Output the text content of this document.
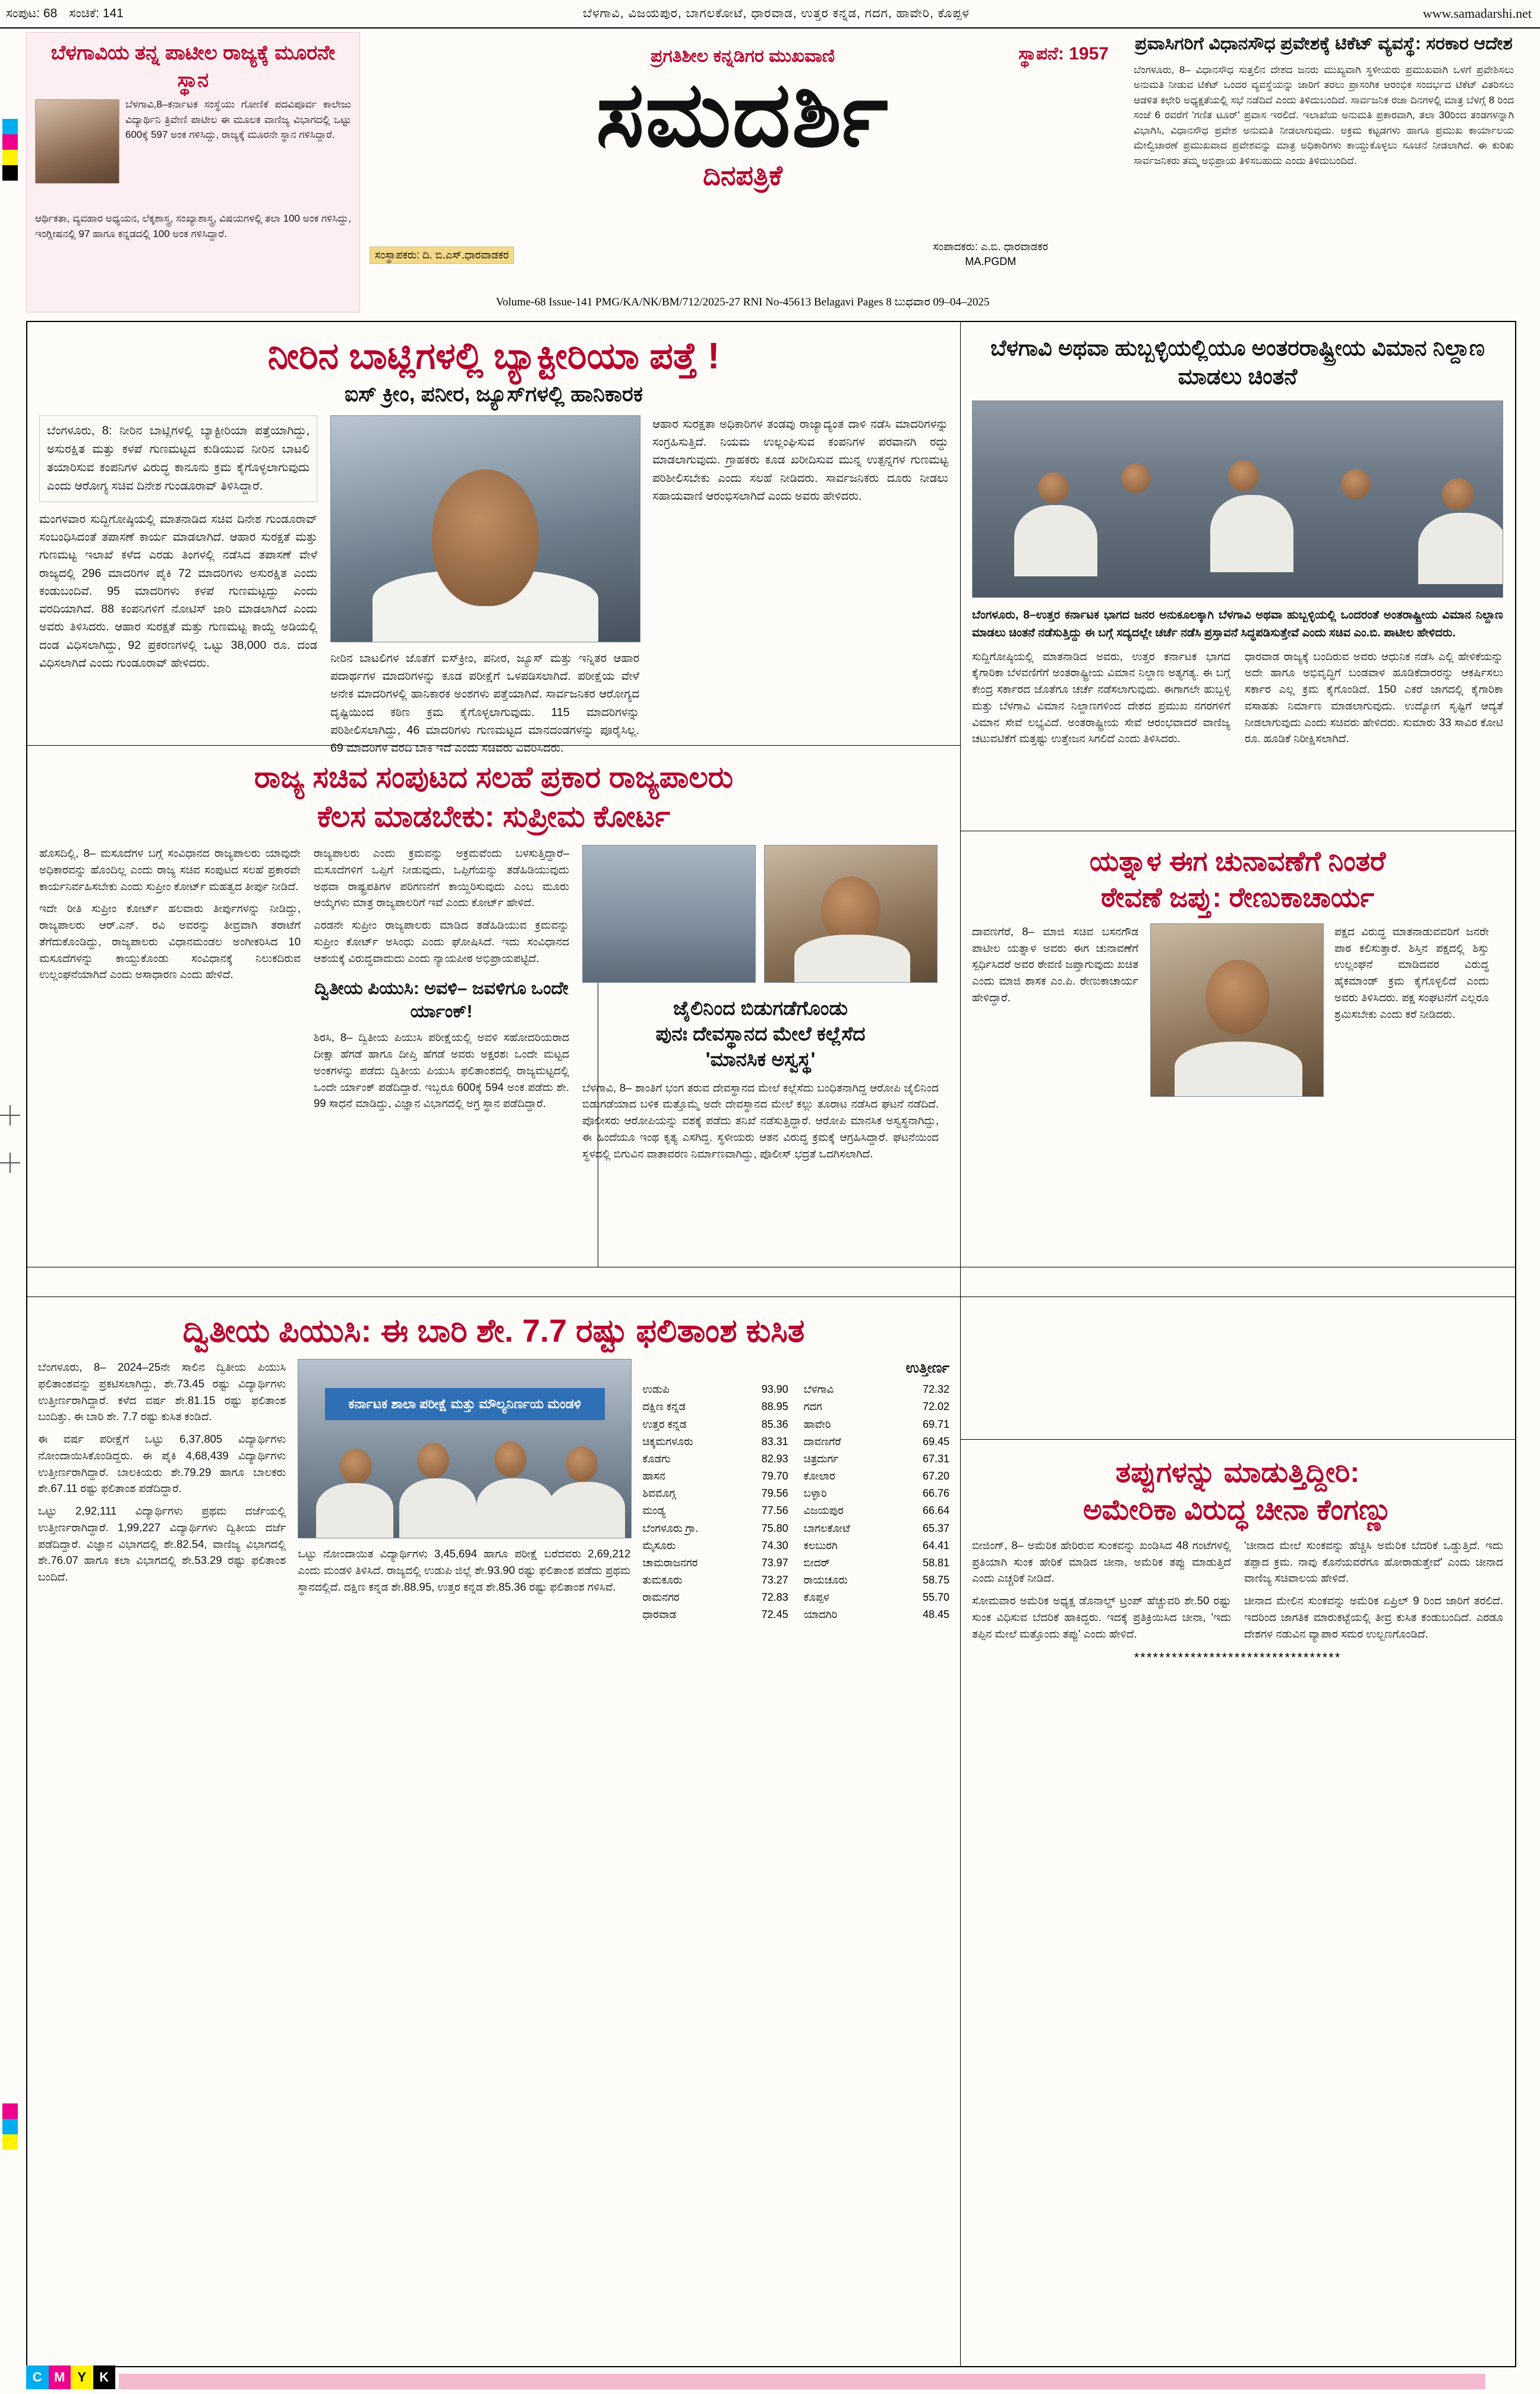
ಸಂಪುಟ: 68 ಸಂಚಿಕೆ: 141	ಬೆಳಗಾವಿ, ವಿಜಯಪುರ, ಬಾಗಲಕೋಟೆ, ಧಾರವಾಡ, ಉತ್ತರ ಕನ್ನಡ, ಗದಗ, ಹಾವೇರಿ, ಕೊಪ್ಪಳ	www.samadarshi.net
ಬೆಳಗಾವಿಯ ತನ್ನ ಪಾಟೀಲ ರಾಜ್ಯಕ್ಕೆ ಮೂರನೇ ಸ್ಥಾನ
ಬೆಳಗಾವಿ,8–ಕರ್ನಾಟಕ ಸಂಸ್ಥೆಯು ಗೋಣಿಕೆ ಪದವಿಪೂರ್ವ ಕಾಲೇಜು ವಿದ್ಯಾರ್ಥಿನಿ ತ್ರಿವೇಣಿ ಪಾಟೀಲ ಈ ಮೂಲಕ ವಾಣಿಜ್ಯ ವಿಭಾಗದಲ್ಲಿ ಒಟ್ಟು 600ಕ್ಕೆ 597 ಅಂಕ ಗಳಿಸಿದ್ದು, ರಾಜ್ಯಕ್ಕೆ ಮೂರನೇ ಸ್ಥಾನ ಗಳಿಸಿದ್ದಾರೆ.
ಆರ್ಥಿಕತಾ, ವ್ಯವಹಾರ ಅಧ್ಯಯನ, ಲೆಕ್ಕಶಾಸ್ತ್ರ, ಸಂಖ್ಯಾಶಾಸ್ತ್ರ, ವಿಷಯಗಳಲ್ಲಿ ತಲಾ 100 ಅಂಕ ಗಳಿಸಿದ್ದು, ಇಂಗ್ಲೀಷನಲ್ಲಿ 97 ಹಾಗೂ ಕನ್ನಡದಲ್ಲಿ 100 ಅಂಕ ಗಳಿಸಿದ್ದಾರೆ.
ಪ್ರಗತಿಶೀಲ ಕನ್ನಡಿಗರ ಮುಖವಾಣಿ	ಸ್ಥಾಪನೆ: 1957
ಸಮದರ್ಶಿ
ದಿನಪತ್ರಿಕೆ
ಸಂಸ್ಥಾಪಕರು: ದಿ. ಬಿ.ಎಸ್.ಧಾರವಾಡಕರ
ಸಂಪಾದಕರು: ಎ.ಬಿ. ಧಾರವಾಡಕರ
MA.PGDM
Volume-68 Issue-141 PMG/KA/NK/BM/712/2025-27 RNI No-45613 Belagavi Pages 8 ಬುಧವಾರ 09–04–2025
ಪ್ರವಾಸಿಗರಿಗೆ ವಿಧಾನಸೌಧ ಪ್ರವೇಶಕ್ಕೆ ಟಿಕೆಟ್ ವ್ಯವಸ್ಥೆ: ಸರಕಾರ ಆದೇಶ
ಬೆಂಗಳೂರು, 8– ವಿಧಾನಸೌಧ ಸುತ್ತಲಿನ ದೇಶದ ಜನರು ಮುಖ್ಯವಾಗಿ ಸ್ಥಳೀಯರು ಪ್ರಮುಖವಾಗಿ ಒಳಗೆ ಪ್ರವೇಶಿಸಲು ಅನುಮತಿ ನೀಡುವ ಟಿಕೆಟ್ ಒಂದರ ವ್ಯವಸ್ಥೆಯನ್ನು ಜಾರಿಗೆ ತರಲು ಪ್ರಾಸಂಗಿಕ ಆರಂಭಿಕ ಸಂದರ್ಭದ ಟಿಕೆಟ್ ವಿತರಿಸಲು ಆಡಳಿತ ಕಛೇರಿ ಅಧ್ಯಕ್ಷತೆಯಲ್ಲಿ ಸಭೆ ನಡೆದಿದೆ ಎಂದು ತಿಳಿದುಬಂದಿದೆ. ಸಾರ್ವಜನಿಕ ರಜಾ ದಿನಗಳಲ್ಲಿ ಮಾತ್ರ ಬೆಳಗ್ಗೆ 8 ರಿಂದ ಸಂಜೆ 6 ರವರೆಗೆ 'ಗಣಿತ ಟೂರ್' ಪ್ರವಾಸ ಇರಲಿದೆ. ಇಲಾಖೆಯ ಅನುಮತಿ ಪ್ರಕಾರವಾಗಿ, ತಲಾ 30ರಿಂದ ತಂಡಗಳನ್ನಾಗಿ ವಿಭಾಗಿಸಿ, ವಿಧಾನಸೌಧ ಪ್ರವೇಶ ಅನುಮತಿ ನೀಡಲಾಗುವುದು. ಅಕ್ರಮ ಕಟ್ಟಡಗಳು ಹಾಗೂ ಪ್ರಮುಖ ಕಾರ್ಯಾಲಯ ಮೇಲ್ವಿಚಾರಣೆ ಪ್ರಮುಖವಾದ ಪ್ರವೇಶವನ್ನು ಮಾತ್ರ ಅಧಿಕಾರಿಗಳು ಕಾಯ್ದುಕೊಳ್ಳಲು ಸೂಚನೆ ನೀಡಲಾಗಿದೆ. ಈ ಕುರಿತು ಸಾರ್ವಜನಿಕರು ತಮ್ಮ ಅಭಿಪ್ರಾಯ ತಿಳಿಸಬಹುದು ಎಂದು ತಿಳಿದುಬಂದಿದೆ.
ನೀರಿನ ಬಾಟ್ಲಿಗಳಲ್ಲಿ ಬ್ಯಾಕ್ಟೀರಿಯಾ ಪತ್ತೆ !
ಐಸ್ ಕ್ರೀಂ, ಪನೀರ, ಜ್ಯೂಸ್‌ಗಳಲ್ಲಿ ಹಾನಿಕಾರಕ
ಬೆಂಗಳೂರು, 8: ನೀರಿನ ಬಾಟ್ಲಿಗಳಲ್ಲಿ ಬ್ಯಾಕ್ಟೀರಿಯಾ ಪತ್ತೆಯಾಗಿದ್ದು, ಅಸುರಕ್ಷಿತ ಮತ್ತು ಕಳಪೆ ಗುಣಮಟ್ಟದ ಕುಡಿಯುವ ನೀರಿನ ಬಾಟಲಿ ತಯಾರಿಸುವ ಕಂಪನಿಗಳ ವಿರುದ್ಧ ಕಾನೂನು ಕ್ರಮ ಕೈಗೊಳ್ಳಲಾಗುವುದು ಎಂದು ಆರೋಗ್ಯ ಸಚಿವ ದಿನೇಶ ಗುಂಡೂರಾವ್ ತಿಳಿಸಿದ್ದಾರೆ.
ಮಂಗಳವಾರ ಸುದ್ದಿಗೋಷ್ಠಿಯಲ್ಲಿ ಮಾತನಾಡಿದ ಸಚಿವ ದಿನೇಶ ಗುಂಡೂರಾವ್ ಸಂಬಂಧಿಸಿದಂತೆ ತಪಾಸಣೆ ಕಾರ್ಯ ಮಾಡಲಾಗಿದೆ. ಆಹಾರ ಸುರಕ್ಷತೆ ಮತ್ತು ಗುಣಮಟ್ಟ ಇಲಾಖೆ ಕಳೆದ ಎರಡು ತಿಂಗಳಲ್ಲಿ ನಡೆಸಿದ ತಪಾಸಣೆ ವೇಳೆ ರಾಜ್ಯದಲ್ಲಿ 296 ಮಾದರಿಗಳ ಪೈಕಿ 72 ಮಾದರಿಗಳು ಅಸುರಕ್ಷಿತ ಎಂದು ಕಂಡುಬಂದಿವೆ. 95 ಮಾದರಿಗಳು ಕಳಪೆ ಗುಣಮಟ್ಟದ್ದು ಎಂದು ವರದಿಯಾಗಿದೆ. 88 ಕಂಪನಿಗಳಿಗೆ ನೋಟಿಸ್ ಜಾರಿ ಮಾಡಲಾಗಿದೆ ಎಂದು ಅವರು ತಿಳಿಸಿದರು. ಆಹಾರ ಸುರಕ್ಷತೆ ಮತ್ತು ಗುಣಮಟ್ಟ ಕಾಯ್ದೆ ಅಡಿಯಲ್ಲಿ ದಂಡ ವಿಧಿಸಲಾಗಿದ್ದು, 92 ಪ್ರಕರಣಗಳಲ್ಲಿ ಒಟ್ಟು 38,000 ರೂ. ದಂಡ ವಿಧಿಸಲಾಗಿದೆ ಎಂದು ಗುಂಡೂರಾವ್ ಹೇಳಿದರು.	ನೀರಿನ ಬಾಟಲಿಗಳ ಜೊತೆಗೆ ಐಸ್‌ಕ್ರೀಂ, ಪನೀರ, ಜ್ಯೂಸ್ ಮತ್ತು ಇನ್ನಿತರ ಆಹಾರ ಪದಾರ್ಥಗಳ ಮಾದರಿಗಳನ್ನು ಕೂಡ ಪರೀಕ್ಷೆಗೆ ಒಳಪಡಿಸಲಾಗಿದೆ. ಪರೀಕ್ಷೆಯ ವೇಳೆ ಅನೇಕ ಮಾದರಿಗಳಲ್ಲಿ ಹಾನಿಕಾರಕ ಅಂಶಗಳು ಪತ್ತೆಯಾಗಿವೆ. ಸಾರ್ವಜನಿಕರ ಆರೋಗ್ಯದ ದೃಷ್ಟಿಯಿಂದ ಕಠಿಣ ಕ್ರಮ ಕೈಗೊಳ್ಳಲಾಗುವುದು. 115 ಮಾದರಿಗಳನ್ನು ಪರಿಶೀಲಿಸಲಾಗಿದ್ದು, 46 ಮಾದರಿಗಳು ಗುಣಮಟ್ಟದ ಮಾನದಂಡಗಳನ್ನು ಪೂರೈಸಿಲ್ಲ. 69 ಮಾದರಿಗಳ ವರದಿ ಬಾಕಿ ಇದೆ ಎಂದು ಸಚಿವರು ವಿವರಿಸಿದರು.
ಆಹಾರ ಸುರಕ್ಷತಾ ಅಧಿಕಾರಿಗಳ ತಂಡವು ರಾಜ್ಯಾದ್ಯಂತ ದಾಳಿ ನಡೆಸಿ ಮಾದರಿಗಳನ್ನು ಸಂಗ್ರಹಿಸುತ್ತಿದೆ. ನಿಯಮ ಉಲ್ಲಂಘಿಸುವ ಕಂಪನಿಗಳ ಪರವಾನಗಿ ರದ್ದು ಮಾಡಲಾಗುವುದು. ಗ್ರಾಹಕರು ಕೂಡ ಖರೀದಿಸುವ ಮುನ್ನ ಉತ್ಪನ್ನಗಳ ಗುಣಮಟ್ಟ ಪರಿಶೀಲಿಸಬೇಕು ಎಂದು ಸಲಹೆ ನೀಡಿದರು. ಸಾರ್ವಜನಿಕರು ದೂರು ನೀಡಲು ಸಹಾಯವಾಣಿ ಆರಂಭಿಸಲಾಗಿದೆ ಎಂದು ಅವರು ಹೇಳಿದರು.
ಬೆಳಗಾವಿ ಅಥವಾ ಹುಬ್ಬಳ್ಳಿಯಲ್ಲಿಯೂ ಅಂತರರಾಷ್ಟ್ರೀಯ ವಿಮಾನ ನಿಲ್ದಾಣ ಮಾಡಲು ಚಿಂತನೆ
ಬೆಂಗಳೂರು, 8–ಉತ್ತರ ಕರ್ನಾಟಕ ಭಾಗದ ಜನರ ಅನುಕೂಲಕ್ಕಾಗಿ ಬೆಳಗಾವಿ ಅಥವಾ ಹುಬ್ಬಳ್ಳಿಯಲ್ಲಿ ಒಂದರಂತೆ ಅಂತರಾಷ್ಟ್ರೀಯ ವಿಮಾನ ನಿಲ್ದಾಣ ಮಾಡಲು ಚಿಂತನೆ ನಡೆಸುತ್ತಿದ್ದು ಈ ಬಗ್ಗೆ ಸದ್ಯದಲ್ಲೇ ಚರ್ಚೆ ನಡೆಸಿ ಪ್ರಸ್ತಾವನೆ ಸಿದ್ಧಪಡಿಸುತ್ತೇವೆ ಎಂದು ಸಚಿವ ಎಂ.ಬಿ. ಪಾಟೀಲ ಹೇಳಿದರು.
ಸುದ್ದಿಗೋಷ್ಠಿಯಲ್ಲಿ ಮಾತನಾಡಿದ ಅವರು, ಉತ್ತರ ಕರ್ನಾಟಕ ಭಾಗದ ಕೈಗಾರಿಕಾ ಬೆಳವಣಿಗೆಗೆ ಅಂತರಾಷ್ಟ್ರೀಯ ವಿಮಾನ ನಿಲ್ದಾಣ ಅತ್ಯಗತ್ಯ. ಈ ಬಗ್ಗೆ ಕೇಂದ್ರ ಸರ್ಕಾರದ ಜೊತೆಗೂ ಚರ್ಚೆ ನಡೆಸಲಾಗುವುದು. ಈಗಾಗಲೇ ಹುಬ್ಬಳ್ಳಿ ಮತ್ತು ಬೆಳಗಾವಿ ವಿಮಾನ ನಿಲ್ದಾಣಗಳಿಂದ ದೇಶದ ಪ್ರಮುಖ ನಗರಗಳಿಗೆ ವಿಮಾನ ಸೇವೆ ಲಭ್ಯವಿದೆ. ಅಂತರಾಷ್ಟ್ರೀಯ ಸೇವೆ ಆರಂಭವಾದರೆ ವಾಣಿಜ್ಯ ಚಟುವಟಿಕೆಗೆ ಮತ್ತಷ್ಟು ಉತ್ತೇಜನ ಸಿಗಲಿದೆ ಎಂದು ತಿಳಿಸಿದರು.
ಧಾರವಾಡ ರಾಜ್ಯಕ್ಕೆ ಬಂದಿರುವ ಅವರು ಆಧುನಿಕ ನಡೆಸಿ ಎಲ್ಲಿ ಹೇಳಿಕೆಯನ್ನು ಅದೇ ಹಾಗೂ ಅಭಿವೃದ್ಧಿಗೆ ಬಂಡವಾಳ ಹೂಡಿಕೆದಾರರನ್ನು ಆಕರ್ಷಿಸಲು ಸರ್ಕಾರ ಎಲ್ಲ ಕ್ರಮ ಕೈಗೊಂಡಿದೆ. 150 ಎಕರೆ ಜಾಗದಲ್ಲಿ ಕೈಗಾರಿಕಾ ವಸಾಹತು ನಿರ್ಮಾಣ ಮಾಡಲಾಗುವುದು. ಉದ್ಯೋಗ ಸೃಷ್ಟಿಗೆ ಆದ್ಯತೆ ನೀಡಲಾಗುವುದು ಎಂದು ಸಚಿವರು ಹೇಳಿದರು. ಸುಮಾರು 33 ಸಾವಿರ ಕೋಟಿ ರೂ. ಹೂಡಿಕೆ ನಿರೀಕ್ಷಿಸಲಾಗಿದೆ.
ರಾಜ್ಯ ಸಚಿವ ಸಂಪುಟದ ಸಲಹೆ ಪ್ರಕಾರ ರಾಜ್ಯಪಾಲರು
ಕೆಲಸ ಮಾಡಬೇಕು: ಸುಪ್ರೀಮ ಕೋರ್ಟ
ಹೊಸದಿಲ್ಲಿ, 8– ಮಸೂದೆಗಳ ಬಗ್ಗೆ ಸಂವಿಧಾನದ ರಾಜ್ಯಪಾಲರು ಯಾವುದೇ ಅಧಿಕಾರವನ್ನು ಹೊಂದಿಲ್ಲ ಎಂದು ರಾಜ್ಯ ಸಚಿವ ಸಂಪುಟದ ಸಲಹೆ ಪ್ರಕಾರವೇ ಕಾರ್ಯನಿರ್ವಹಿಸಬೇಕು ಎಂದು ಸುಪ್ರೀಂ ಕೋರ್ಟ್ ಮಹತ್ವದ ತೀರ್ಪು ನೀಡಿದೆ.
ಇದೇ ರೀತಿ ಸುಪ್ರೀಂ ಕೋರ್ಟ್ ಹಲವಾರು ತೀರ್ಪುಗಳನ್ನು ನೀಡಿದ್ದು, ರಾಜ್ಯಪಾಲರು ಆರ್.ಎನ್. ರವಿ ಅವರನ್ನು ತೀವ್ರವಾಗಿ ತರಾಟೆಗೆ ತೆಗೆದುಕೊಂಡಿದ್ದು, ರಾಜ್ಯಪಾಲರು ವಿಧಾನಮಂಡಲ ಅಂಗೀಕರಿಸಿದ 10 ಮಸೂದೆಗಳನ್ನು ಕಾಯ್ದುಕೊಂಡು ಸಂವಿಧಾನಕ್ಕೆ ನಿಲುಕದಿರುವ ಉಲ್ಲಂಘನೆಯಾಗಿದೆ ಎಂದು ಅಸಾಧಾರಣ ಎಂದು ಹೇಳಿದೆ.
ರಾಜ್ಯಪಾಲರು ಎಂದು ಕ್ರಮವನ್ನು ಅಕ್ರಮವೆಂದು ಬಳಸುತ್ತಿದ್ದಾರೆ– ಮಸೂದೆಗಳಿಗೆ ಒಪ್ಪಿಗೆ ನೀಡುವುದು, ಒಪ್ಪಿಗೆಯನ್ನು ತಡೆಹಿಡಿಯುವುದು ಅಥವಾ ರಾಷ್ಟ್ರಪತಿಗಳ ಪರಿಗಣನೆಗೆ ಕಾಯ್ದಿರಿಸುವುದು ಎಂಬ ಮೂರು ಆಯ್ಕೆಗಳು ಮಾತ್ರ ರಾಜ್ಯಪಾಲರಿಗೆ ಇವೆ ಎಂದು ಕೋರ್ಟ್ ಹೇಳಿದೆ.
ಎರಡನೇ ಸುಪ್ರೀಂ ರಾಜ್ಯಪಾಲರು ಮಾಡಿದ ತಡೆಹಿಡಿಯುವ ಕ್ರಮವನ್ನು ಸುಪ್ರೀಂ ಕೋರ್ಟ್ ಅಸಿಂಧು ಎಂದು ಘೋಷಿಸಿದೆ. ಇದು ಸಂವಿಧಾನದ ಆಶಯಕ್ಕೆ ವಿರುದ್ಧವಾದುದು ಎಂದು ನ್ಯಾಯಪೀಠ ಅಭಿಪ್ರಾಯಪಟ್ಟಿದೆ.
ದ್ವಿತೀಯ ಪಿಯುಸಿ: ಅವಳಿ– ಜವಳಿಗೂ ಒಂದೇ ರ್ಯಾಂಕ್!
ಶಿರಸಿ, 8– ದ್ವಿತೀಯ ಪಿಯುಸಿ ಪರೀಕ್ಷೆಯಲ್ಲಿ ಅವಳಿ ಸಹೋದರಿಯರಾದ ದೀಕ್ಷಾ ಹೆಗಡೆ ಹಾಗೂ ದೀಪ್ತಿ ಹೆಗಡೆ ಅವರು ಅಕ್ಷರಶಃ ಒಂದೇ ಮಟ್ಟದ ಅಂಕಗಳನ್ನು ಪಡೆದು ದ್ವಿತೀಯ ಪಿಯುಸಿ ಫಲಿತಾಂಶದಲ್ಲಿ ರಾಜ್ಯಮಟ್ಟದಲ್ಲಿ ಒಂದೇ ರ್ಯಾಂಕ್ ಪಡೆದಿದ್ದಾರೆ. ಇಬ್ಬರೂ 600ಕ್ಕೆ 594 ಅಂಕ ಪಡೆದು ಶೇ. 99 ಸಾಧನೆ ಮಾಡಿದ್ದು, ವಿಜ್ಞಾನ ವಿಭಾಗದಲ್ಲಿ ಅಗ್ರ ಸ್ಥಾನ ಪಡೆದಿದ್ದಾರೆ.
ಜೈಲಿನಿಂದ ಬಿಡುಗಡೆಗೊಂಡು
ಪುನಃ ದೇವಸ್ಥಾನದ ಮೇಲೆ ಕಲ್ಲೆಸೆದ
'ಮಾನಸಿಕ ಅಸ್ವಸ್ಥ'
ಬೆಳಗಾವಿ, 8– ಶಾಂತಿಗೆ ಭಂಗ ತರುವ ದೇವಸ್ಥಾನದ ಮೇಲೆ ಕಲ್ಲೆಸೆದು ಬಂಧಿತನಾಗಿದ್ದ ಆರೋಪಿ ಜೈಲಿನಿಂದ ಬಿಡುಗಡೆಯಾದ ಬಳಿಕ ಮತ್ತೊಮ್ಮೆ ಅದೇ ದೇವಸ್ಥಾನದ ಮೇಲೆ ಕಲ್ಲು ತೂರಾಟ ನಡೆಸಿದ ಘಟನೆ ನಡೆದಿದೆ. ಪೊಲೀಸರು ಆರೋಪಿಯನ್ನು ವಶಕ್ಕೆ ಪಡೆದು ತನಿಖೆ ನಡೆಸುತ್ತಿದ್ದಾರೆ. ಆರೋಪಿ ಮಾನಸಿಕ ಅಸ್ವಸ್ಥನಾಗಿದ್ದು, ಈ ಹಿಂದೆಯೂ ಇಂಥ ಕೃತ್ಯ ಎಸಗಿದ್ದ. ಸ್ಥಳೀಯರು ಆತನ ವಿರುದ್ಧ ಕ್ರಮಕ್ಕೆ ಆಗ್ರಹಿಸಿದ್ದಾರೆ. ಘಟನೆಯಿಂದ ಸ್ಥಳದಲ್ಲಿ ಬಿಗುವಿನ ವಾತಾವರಣ ನಿರ್ಮಾಣವಾಗಿದ್ದು, ಪೊಲೀಸ್ ಭದ್ರತೆ ಒದಗಿಸಲಾಗಿದೆ.
ಯತ್ನಾಳ ಈಗ ಚುನಾವಣೆಗೆ ನಿಂತರೆ
ಠೇವಣೆ ಜಪ್ತು: ರೇಣುಕಾಚಾರ್ಯ
ದಾವಣಗೆರೆ, 8– ಮಾಜಿ ಸಚಿವ ಬಸನಗೌಡ ಪಾಟೀಲ ಯತ್ನಾಳ ಅವರು ಈಗ ಚುನಾವಣೆಗೆ ಸ್ಪರ್ಧಿಸಿದರೆ ಅವರ ಠೇವಣಿ ಜಪ್ತಾಗುವುದು ಖಚಿತ ಎಂದು ಮಾಜಿ ಶಾಸಕ ಎಂ.ಪಿ. ರೇಣುಕಾಚಾರ್ಯ ಹೇಳಿದ್ದಾರೆ.
ಪಕ್ಷದ ವಿರುದ್ಧ ಮಾತನಾಡುವವರಿಗೆ ಜನರೇ ಪಾಠ ಕಲಿಸುತ್ತಾರೆ. ಶಿಸ್ತಿನ ಪಕ್ಷದಲ್ಲಿ ಶಿಸ್ತು ಉಲ್ಲಂಘನೆ ಮಾಡಿದವರ ವಿರುದ್ಧ ಹೈಕಮಾಂಡ್ ಕ್ರಮ ಕೈಗೊಳ್ಳಲಿದೆ ಎಂದು ಅವರು ತಿಳಿಸಿದರು. ಪಕ್ಷ ಸಂಘಟನೆಗೆ ಎಲ್ಲರೂ ಶ್ರಮಿಸಬೇಕು ಎಂದು ಕರೆ ನೀಡಿದರು.
ದ್ವಿತೀಯ ಪಿಯುಸಿ: ಈ ಬಾರಿ ಶೇ. 7.7 ರಷ್ಟು ಫಲಿತಾಂಶ ಕುಸಿತ
ಬೆಂಗಳೂರು, 8– 2024–25ನೇ ಸಾಲಿನ ದ್ವಿತೀಯ ಪಿಯುಸಿ ಫಲಿತಾಂಶವನ್ನು ಪ್ರಕಟಿಸಲಾಗಿದ್ದು, ಶೇ.73.45 ರಷ್ಟು ವಿದ್ಯಾರ್ಥಿಗಳು ಉತ್ತೀರ್ಣರಾಗಿದ್ದಾರೆ. ಕಳೆದ ವರ್ಷ ಶೇ.81.15 ರಷ್ಟು ಫಲಿತಾಂಶ ಬಂದಿತ್ತು. ಈ ಬಾರಿ ಶೇ. 7.7 ರಷ್ಟು ಕುಸಿತ ಕಂಡಿದೆ.
ಈ ವರ್ಷ ಪರೀಕ್ಷೆಗೆ ಒಟ್ಟು 6,37,805 ವಿದ್ಯಾರ್ಥಿಗಳು ನೋಂದಾಯಿಸಿಕೊಂಡಿದ್ದರು. ಈ ಪೈಕಿ 4,68,439 ವಿದ್ಯಾರ್ಥಿಗಳು ಉತ್ತೀರ್ಣರಾಗಿದ್ದಾರೆ. ಬಾಲಕಿಯರು ಶೇ.79.29 ಹಾಗೂ ಬಾಲಕರು ಶೇ.67.11 ರಷ್ಟು ಫಲಿತಾಂಶ ಪಡೆದಿದ್ದಾರೆ.
ಒಟ್ಟು 2,92,111 ವಿದ್ಯಾರ್ಥಿಗಳು ಪ್ರಥಮ ದರ್ಜೆಯಲ್ಲಿ ಉತ್ತೀರ್ಣರಾಗಿದ್ದಾರೆ. 1,99,227 ವಿದ್ಯಾರ್ಥಿಗಳು ದ್ವಿತೀಯ ದರ್ಜೆ ಪಡೆದಿದ್ದಾರೆ. ವಿಜ್ಞಾನ ವಿಭಾಗದಲ್ಲಿ ಶೇ.82.54, ವಾಣಿಜ್ಯ ವಿಭಾಗದಲ್ಲಿ ಶೇ.76.07 ಹಾಗೂ ಕಲಾ ವಿಭಾಗದಲ್ಲಿ ಶೇ.53.29 ರಷ್ಟು ಫಲಿತಾಂಶ ಬಂದಿದೆ.
ಕರ್ನಾಟಕ ಶಾಲಾ ಪರೀಕ್ಷೆ ಮತ್ತು ಮೌಲ್ಯನಿರ್ಣಯ ಮಂಡಳಿ
ಒಟ್ಟು ನೋಂದಾಯಿತ ವಿದ್ಯಾರ್ಥಿಗಳು 3,45,694 ಹಾಗೂ ಪರೀಕ್ಷೆ ಬರೆದವರು 2,69,212 ಎಂದು ಮಂಡಳಿ ತಿಳಿಸಿದೆ. ರಾಜ್ಯದಲ್ಲಿ ಉಡುಪಿ ಜಿಲ್ಲೆ ಶೇ.93.90 ರಷ್ಟು ಫಲಿತಾಂಶ ಪಡೆದು ಪ್ರಥಮ ಸ್ಥಾನದಲ್ಲಿದೆ. ದಕ್ಷಿಣ ಕನ್ನಡ ಶೇ.88.95, ಉತ್ತರ ಕನ್ನಡ ಶೇ.85.36 ರಷ್ಟು ಫಲಿತಾಂಶ ಗಳಿಸಿವೆ.
ಉತ್ತೀರ್ಣ
ಉಡುಪಿ	93.90
ದಕ್ಷಿಣ ಕನ್ನಡ	88.95
ಉತ್ತರ ಕನ್ನಡ	85.36
ಚಿಕ್ಕಮಗಳೂರು	83.31
ಕೊಡಗು	82.93
ಹಾಸನ	79.70
ಶಿವಮೊಗ್ಗ	79.56
ಮಂಡ್ಯ	77.56
ಬೆಂಗಳೂರು ಗ್ರಾ.	75.80
ಮೈಸೂರು	74.30
ಚಾಮರಾಜನಗರ	73.97
ತುಮಕೂರು	73.27
ರಾಮನಗರ	72.83
ಧಾರವಾಡ	72.45
ಬೆಳಗಾವಿ	72.32
ಗದಗ	72.02
ಹಾವೇರಿ	69.71
ದಾವಣಗೆರೆ	69.45
ಚಿತ್ರದುರ್ಗ	67.31
ಕೋಲಾರ	67.20
ಬಳ್ಳಾರಿ	66.76
ವಿಜಯಪುರ	66.64
ಬಾಗಲಕೋಟೆ	65.37
ಕಲಬುರಗಿ	64.41
ಬೀದರ್	58.81
ರಾಯಚೂರು	58.75
ಕೊಪ್ಪಳ	55.70
ಯಾದಗಿರಿ	48.45
ತಪ್ಪುಗಳನ್ನು ಮಾಡುತ್ತಿದ್ದೀರಿ:
ಅಮೇರಿಕಾ ವಿರುದ್ಧ ಚೀನಾ ಕೆಂಗಣ್ಣು
ಬೀಜಿಂಗ್, 8– ಅಮೆರಿಕ ಹೇರಿರುವ ಸುಂಕವನ್ನು ಖಂಡಿಸಿದ 48 ಗಂಟೆಗಳಲ್ಲಿ ಪ್ರತಿಯಾಗಿ ಸುಂಕ ಹೇರಿಕೆ ಮಾಡಿದ ಚೀನಾ, ಅಮೆರಿಕ ತಪ್ಪು ಮಾಡುತ್ತಿದೆ ಎಂದು ಎಚ್ಚರಿಕೆ ನೀಡಿದೆ.
ಸೋಮವಾರ ಅಮೆರಿಕ ಅಧ್ಯಕ್ಷ ಡೊನಾಲ್ಡ್ ಟ್ರಂಪ್ ಹೆಚ್ಚುವರಿ ಶೇ.50 ರಷ್ಟು ಸುಂಕ ವಿಧಿಸುವ ಬೆದರಿಕೆ ಹಾಕಿದ್ದರು. ಇದಕ್ಕೆ ಪ್ರತಿಕ್ರಿಯಿಸಿದ ಚೀನಾ, 'ಇದು ತಪ್ಪಿನ ಮೇಲೆ ಮತ್ತೊಂದು ತಪ್ಪು' ಎಂದು ಹೇಳಿದೆ.
'ಚೀನಾದ ಮೇಲೆ ಸುಂಕವನ್ನು ಹೆಚ್ಚಿಸಿ ಅಮೆರಿಕ ಬೆದರಿಕೆ ಒಡ್ಡುತ್ತಿದೆ. ಇದು ತಪ್ಪಾದ ಕ್ರಮ. ನಾವು ಕೊನೆಯವರೆಗೂ ಹೋರಾಡುತ್ತೇವೆ' ಎಂದು ಚೀನಾದ ವಾಣಿಜ್ಯ ಸಚಿವಾಲಯ ಹೇಳಿದೆ.
ಚೀನಾದ ಮೇಲಿನ ಸುಂಕವನ್ನು ಅಮೆರಿಕ ಏಪ್ರಿಲ್ 9 ರಿಂದ ಜಾರಿಗೆ ತರಲಿದೆ. ಇದರಿಂದ ಜಾಗತಿಕ ಮಾರುಕಟ್ಟೆಯಲ್ಲಿ ತೀವ್ರ ಕುಸಿತ ಕಂಡುಬಂದಿದೆ. ಎರಡೂ ದೇಶಗಳ ನಡುವಿನ ವ್ಯಾಪಾರ ಸಮರ ಉಲ್ಬಣಗೊಂಡಿದೆ.
*********************************
C M Y	K
